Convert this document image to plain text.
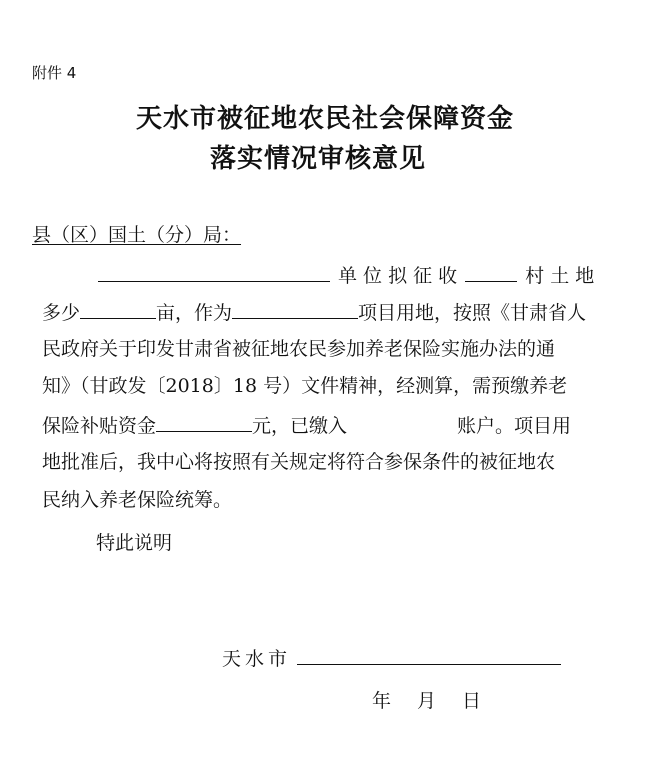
附件 4
天水市被征地农民社会保障资金
落实情况审核意见
县（区）国土（分）局：
单 位 拟 征 收	村 土 地
多少	亩，作为	项目用地，按照《甘肃省人
民政府关于印发甘肃省被征地农民参加养老保险实施办法的通
知》（甘政发〔2018〕18 号）文件精神，经测算，需预缴养老
保险补贴资金	元，已缴入	账户。项目用
地批准后，我中心将按照有关规定将符合参保条件的被征地农
民纳入养老保险统筹。
特此说明
天水市
年 月 日
